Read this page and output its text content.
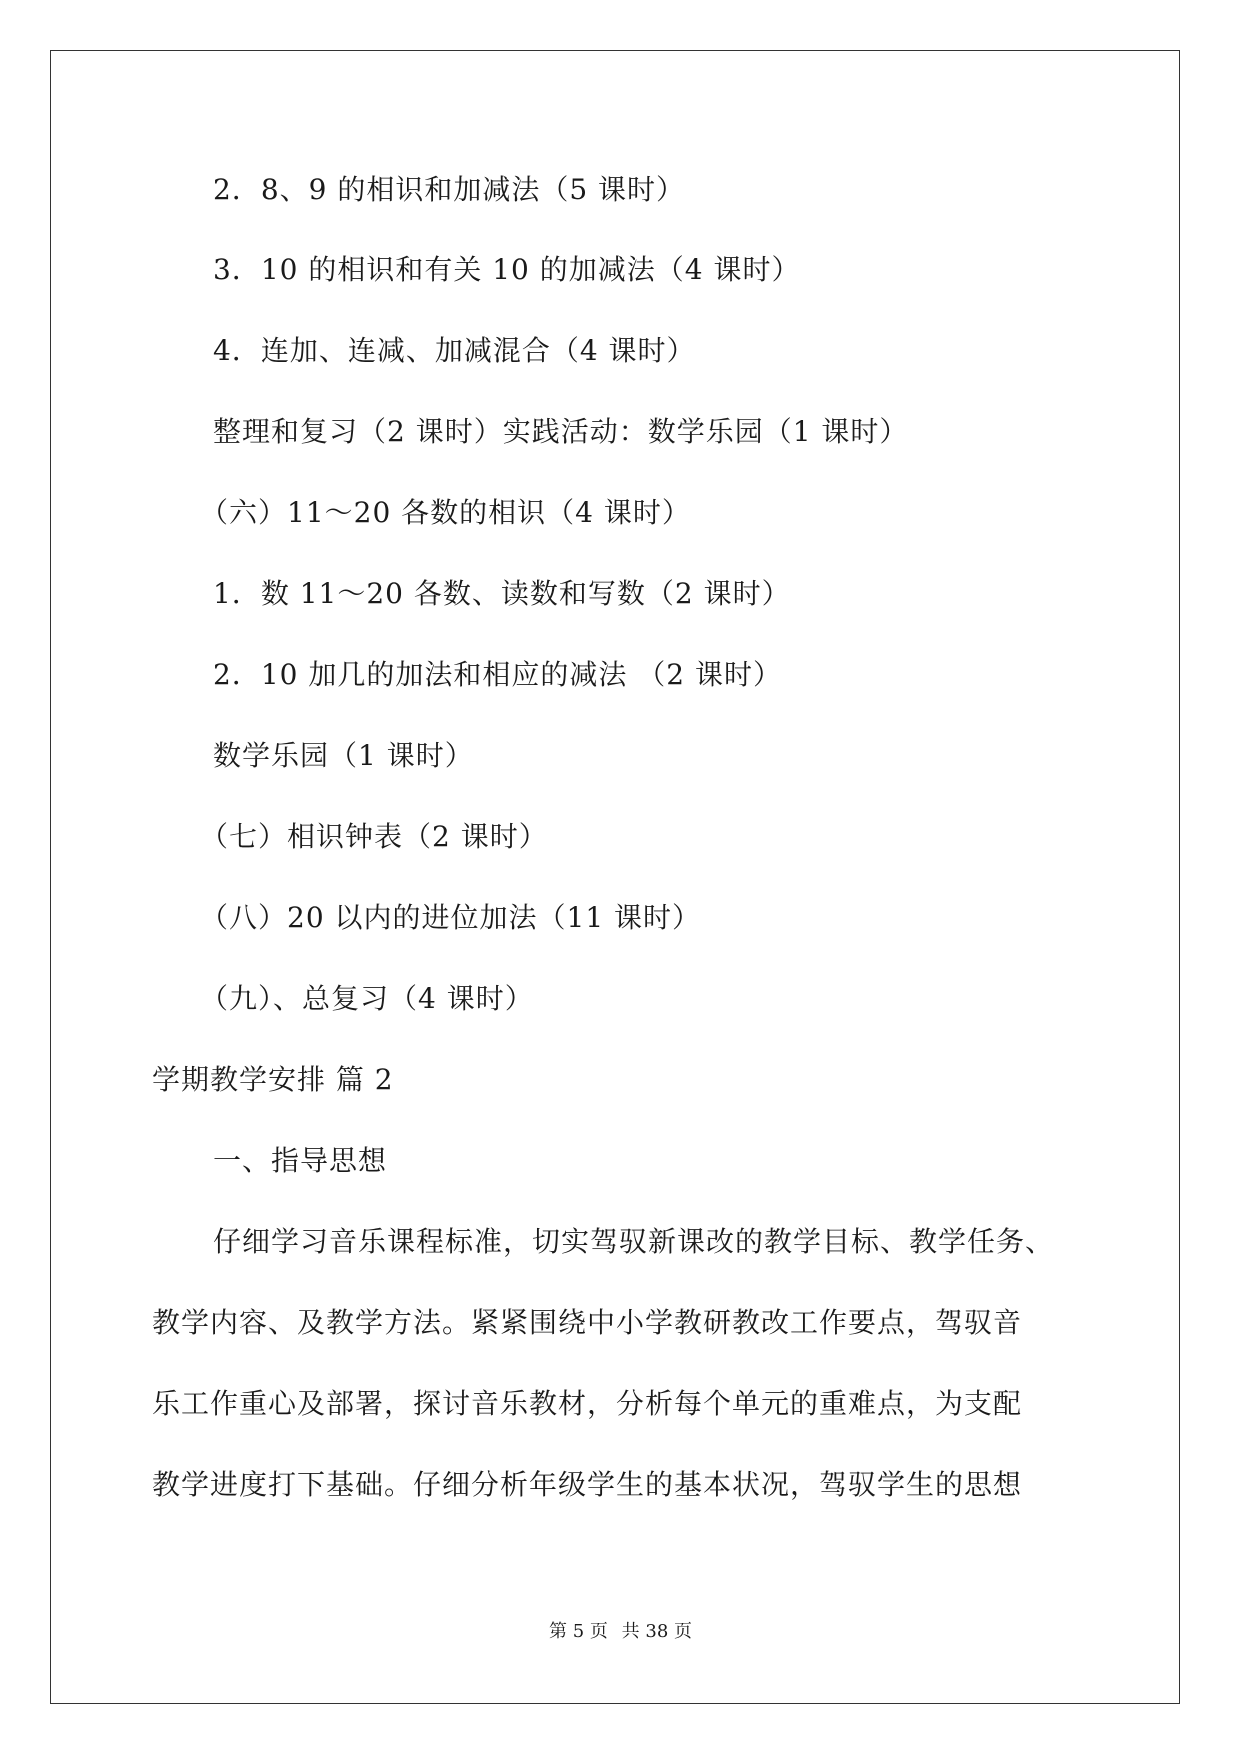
2．8、9 的相识和加减法（5 课时）
3．10 的相识和有关 10 的加减法（4 课时）
4．连加、连减、加减混合（4 课时）
整理和复习（2 课时）实践活动：数学乐园（1 课时）
（六）11～20 各数的相识（4 课时）
1．数 11～20 各数、读数和写数（2 课时）
2．10 加几的加法和相应的减法 （2 课时）
数学乐园（1 课时）
（七）相识钟表（2 课时）
（八）20 以内的进位加法（11 课时）
（九）、总复习（4 课时）
学期教学安排 篇 2
一、指导思想
仔细学习音乐课程标准，切实驾驭新课改的教学目标、教学任务、
教学内容、及教学方法。紧紧围绕中小学教研教改工作要点，驾驭音
乐工作重心及部署，探讨音乐教材，分析每个单元的重难点，为支配
教学进度打下基础。仔细分析年级学生的基本状况，驾驭学生的思想
第 5 页 共 38 页
